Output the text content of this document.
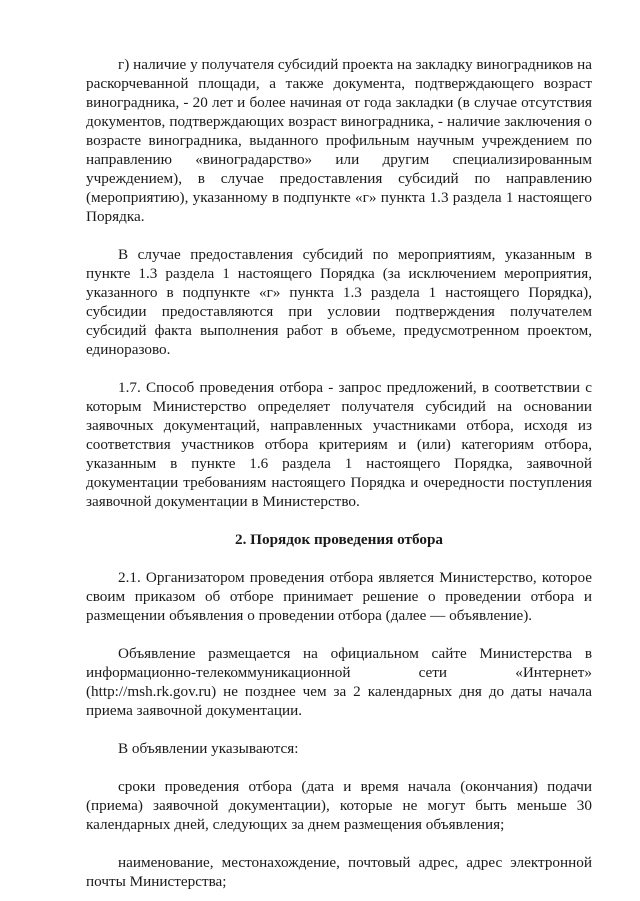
г) наличие у получателя субсидий проекта на закладку виноградников на раскорчеванной площади, а также документа, подтверждающего возраст виноградника, - 20 лет и более начиная от года закладки (в случае отсутствия документов, подтверждающих возраст виноградника, - наличие заключения о возрасте виноградника, выданного профильным научным учреждением по направлению «виноградарство» или другим специализированным учреждением), в случае предоставления субсидий по направлению (мероприятию), указанному в подпункте «г» пункта 1.3 раздела 1 настоящего Порядка.

В случае предоставления субсидий по мероприятиям, указанным в пункте 1.3 раздела 1 настоящего Порядка (за исключением мероприятия, указанного в подпункте «г» пункта 1.3 раздела 1 настоящего Порядка), субсидии предоставляются при условии подтверждения получателем субсидий факта выполнения работ в объеме, предусмотренном проектом, единоразово.

1.7. Способ проведения отбора - запрос предложений, в соответствии с которым Министерство определяет получателя субсидий на основании заявочных документаций, направленных участниками отбора, исходя из соответствия участников отбора критериям и (или) категориям отбора, указанным в пункте 1.6 раздела 1 настоящего Порядка, заявочной документации требованиям настоящего Порядка и очередности поступления заявочной документации в Министерство.

2. Порядок проведения отбора

2.1. Организатором проведения отбора является Министерство, которое своим приказом об отборе принимает решение о проведении отбора и размещении объявления о проведении отбора (далее — объявление).

Объявление размещается на официальном сайте Министерства в информационно-телекоммуникационной сети «Интернет» (http://msh.rk.gov.ru) не позднее чем за 2 календарных дня до даты начала приема заявочной документации.

В объявлении указываются:

сроки проведения отбора (дата и время начала (окончания) подачи (приема) заявочной документации), которые не могут быть меньше 30 календарных дней, следующих за днем размещения объявления;

наименование, местонахождение, почтовый адрес, адрес электронной почты Министерства;
